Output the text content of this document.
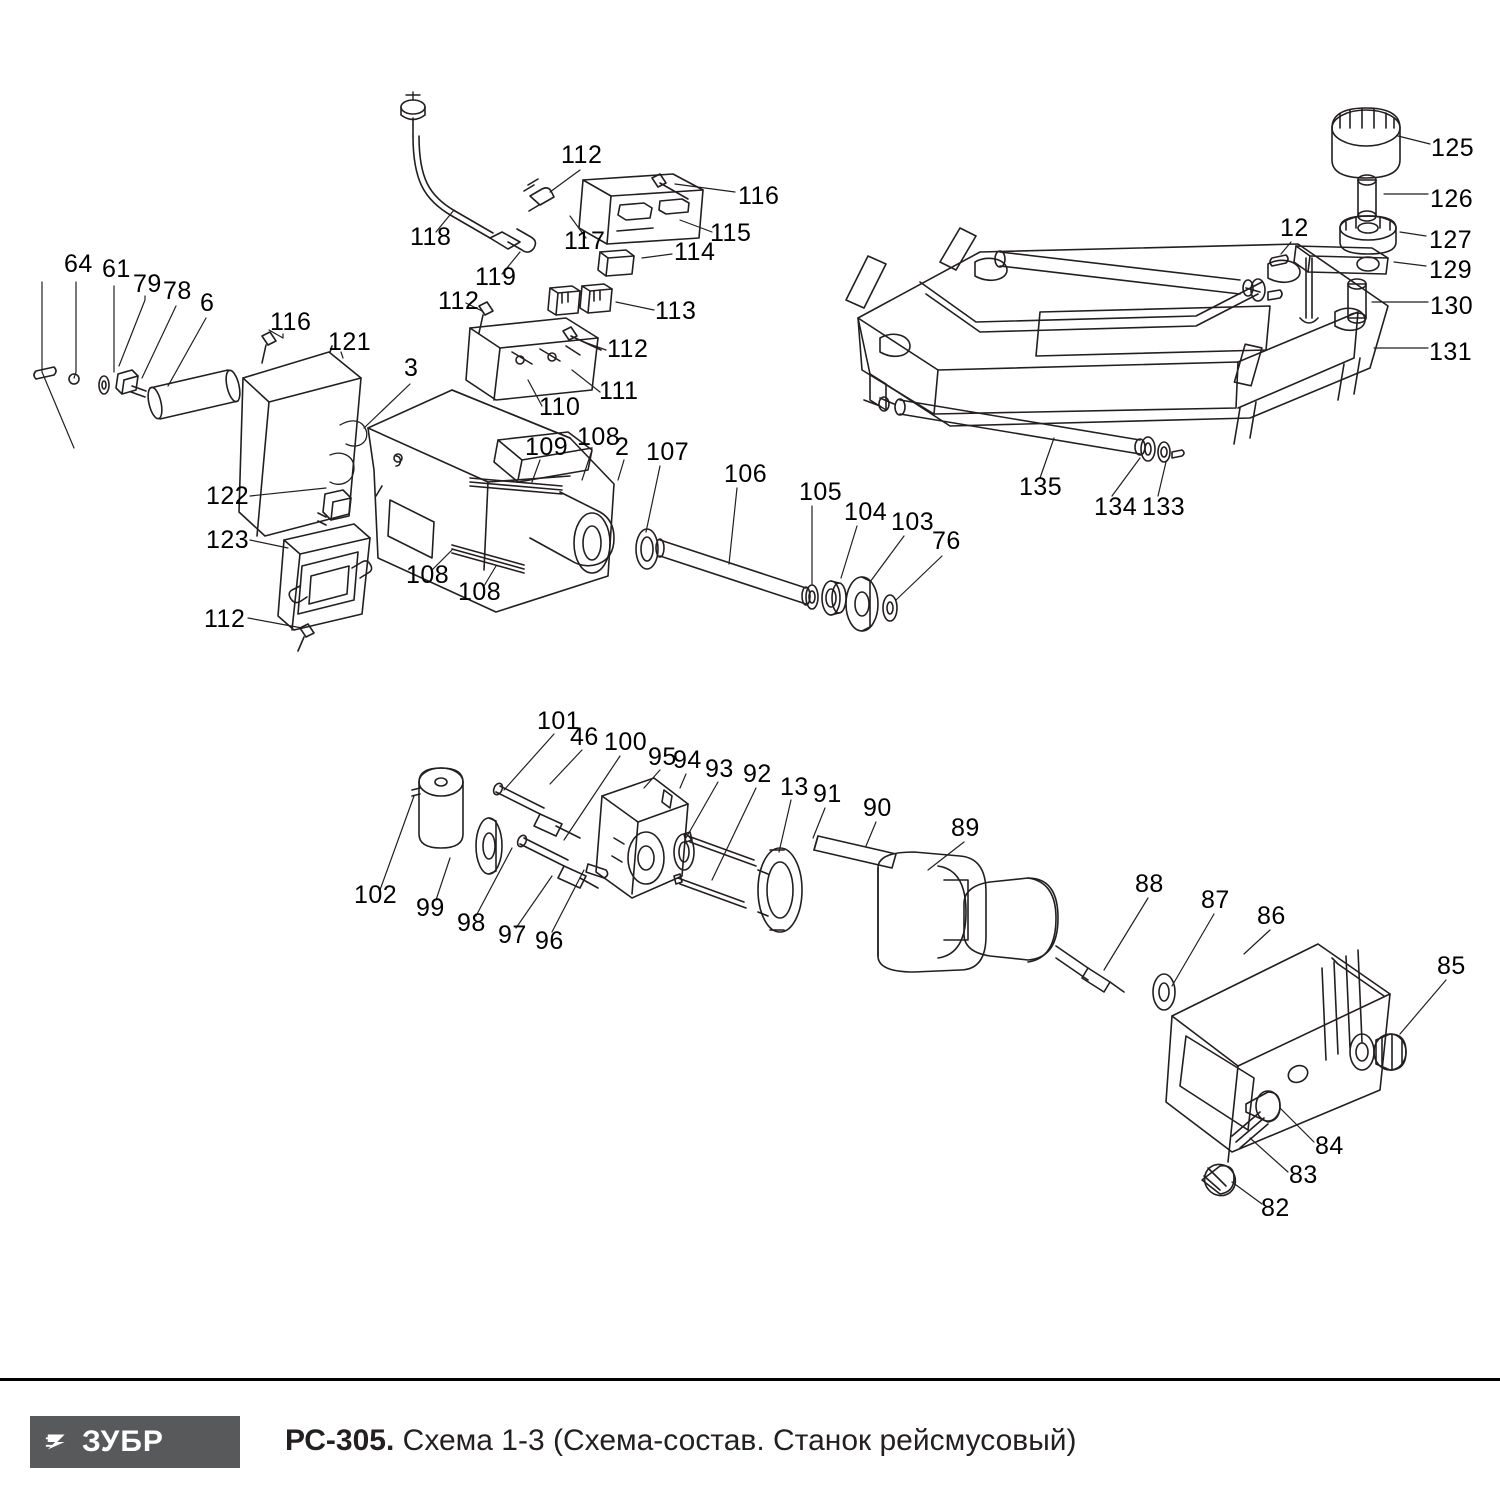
112
116
115
118	117	114
119
113
112
112
111
110
64 61
79 78 6
116
121
3
122
123
112
109 108
2 107
106
105
104 103
76
108
108
125
126
127
129
130
131
12
135
134 133
101
46 100
95
94 93 92 13 91 90
89
88
87
86
85
84
83
82
102 99
98 97 96
ЗУБР	РС-305. Схема 1-3 (Схема-состав. Станок рейсмусовый)
